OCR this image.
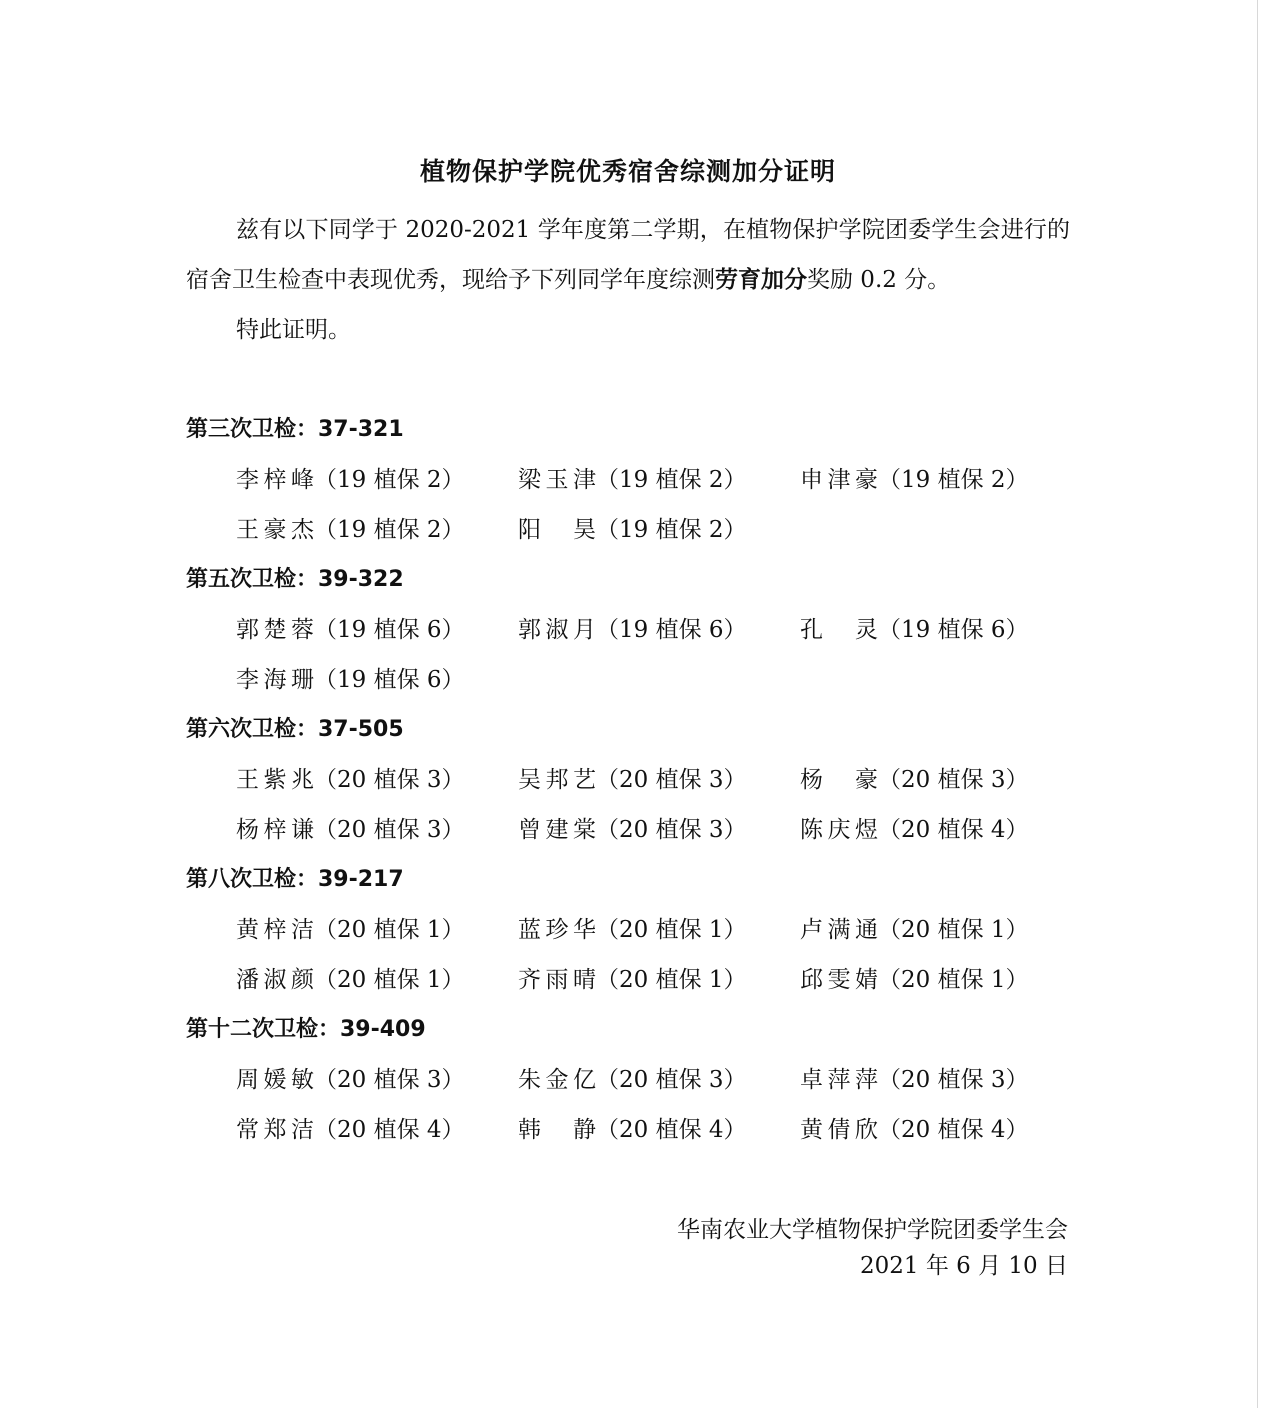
植物保护学院优秀宿舍综测加分证明
兹有以下同学于 2020-2021 学年度第二学期，在植物保护学院团委学生会进行的宿舍卫生检查中表现优秀，现给予下列同学年度综测劳育加分奖励 0.2 分。
特此证明。
第三次卫检：37-321
李梓峰 （19 植保 2） 梁玉津 （19 植保 2） 申津豪 （19 植保 2）
王豪杰 （19 植保 2） 阳昊 （19 植保 2）
第五次卫检：39-322
郭楚蓉 （19 植保 6） 郭淑月 （19 植保 6） 孔灵 （19 植保 6）
李海珊 （19 植保 6）
第六次卫检：37-505
王紫兆 （20 植保 3） 吴邦艺 （20 植保 3） 杨豪 （20 植保 3）
杨梓谦 （20 植保 3） 曾建棠 （20 植保 3） 陈庆煜 （20 植保 4）
第八次卫检：39-217
黄梓洁 （20 植保 1） 蓝珍华 （20 植保 1） 卢满通 （20 植保 1）
潘淑颜 （20 植保 1） 齐雨晴 （20 植保 1） 邱雯婧 （20 植保 1）
第十二次卫检：39-409
周媛敏 （20 植保 3） 朱金亿 （20 植保 3） 卓萍萍 （20 植保 3）
常郑洁 （20 植保 4） 韩静 （20 植保 4） 黄倩欣 （20 植保 4）
华南农业大学植物保护学院团委学生会
2021 年 6 月 10 日
